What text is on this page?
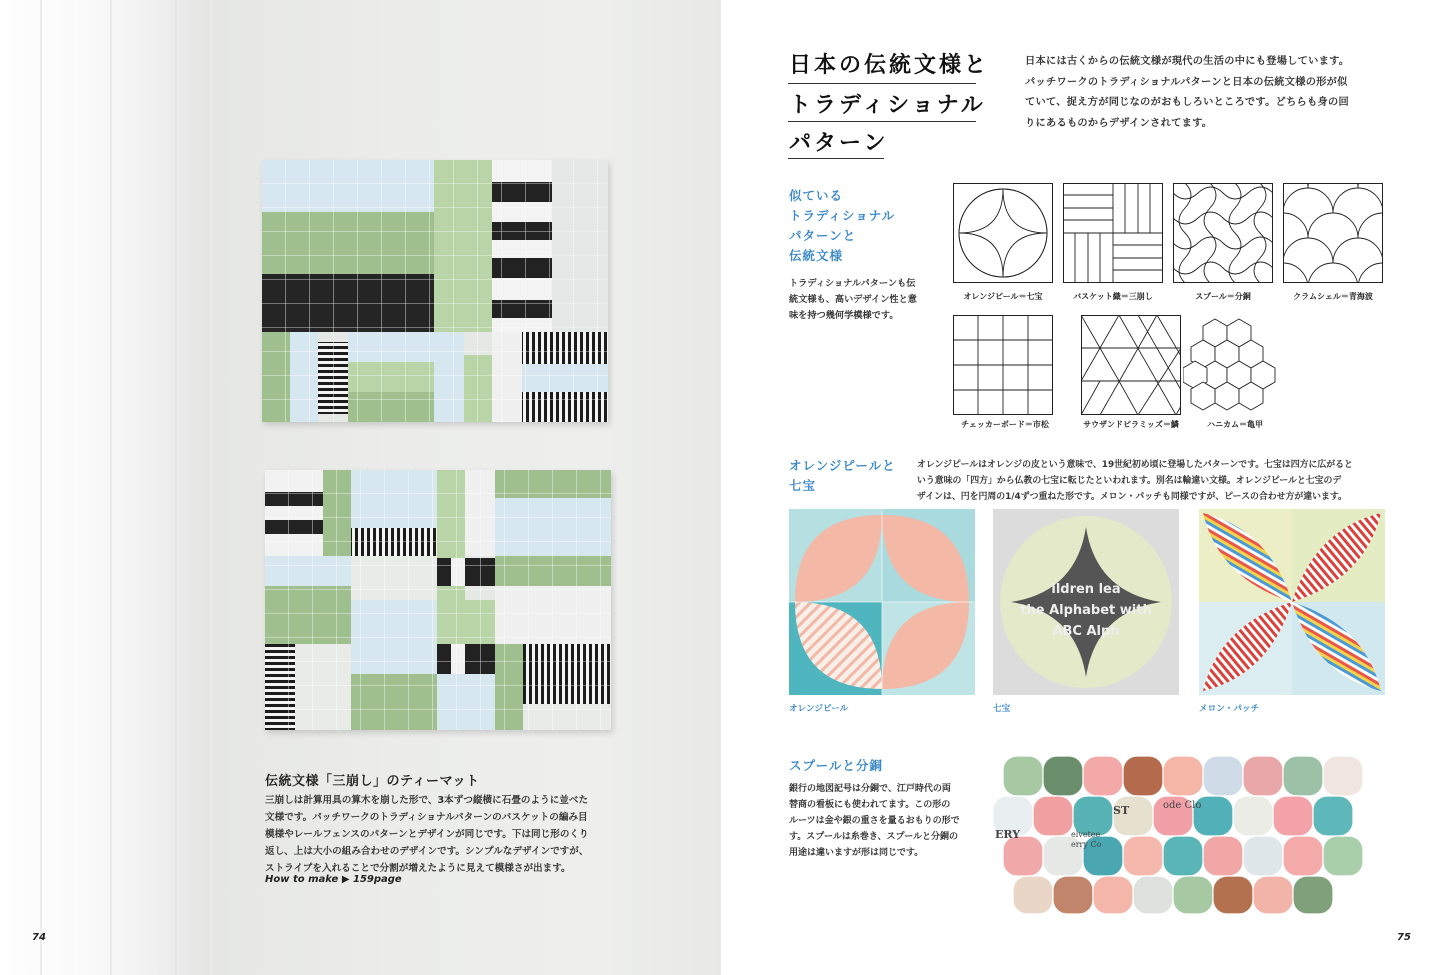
伝統文様「三崩し」のティーマット
三崩しは計算用具の算木を崩した形で、3本ずつ縦横に石畳のように並べた
文様です。パッチワークのトラディショナルパターンのバスケットの編み目
模様やレールフェンスのパターンとデザインが同じです。下は同じ形のくり
返し、上は大小の組み合わせのデザインです。シンプルなデザインですが、
ストライプを入れることで分割が増えたように見えて模様さが出ます。
How to make ▶ 159page
74
日本の伝統文様と
トラディショナル
パターン
日本には古くからの伝統文様が現代の生活の中にも登場しています。
パッチワークのトラディショナルパターンと日本の伝統文様の形が似
ていて、捉え方が同じなのがおもしろいところです。どちらも身の回
りにあるものからデザインされてます。
似ている
トラディショナル
パターンと
伝統文様
トラディショナルパターンも伝
統文様も、高いデザイン性と意
味を持つ幾何学模様です。
オレンジピール＝七宝	バスケット織＝三崩し	スプール＝分銅	クラムシェル＝青海波
チェッカーボード＝市松	サウザンドピラミッズ＝鱗	ハニカム＝亀甲
オレンジピールと
七宝
オレンジピールはオレンジの皮という意味で、19世紀初め頃に登場したパターンです。七宝は四方に広がると
いう意味の「四方」から仏教の七宝に転じたといわれます。別名は輪違い文様。オレンジピールと七宝のデ
ザインは、円を円周の1/4ずつ重ねた形です。メロン・パッチも同様ですが、ピースの合わせ方が違います。
オレンジピール
ildren lea
the Alphabet with
ABC Alph
七宝	メロン・パッチ
スプールと分銅
銀行の地図記号は分銅で、江戸時代の両
替商の看板にも使われてます。この形の
ルーツは金や銀の重さを量るおもりの形で
す。スプールは糸巻き、スプールと分銅の
用途は違いますが形は同じです。
ERY
ST	ode Clo
elvetee
erry Co
75
